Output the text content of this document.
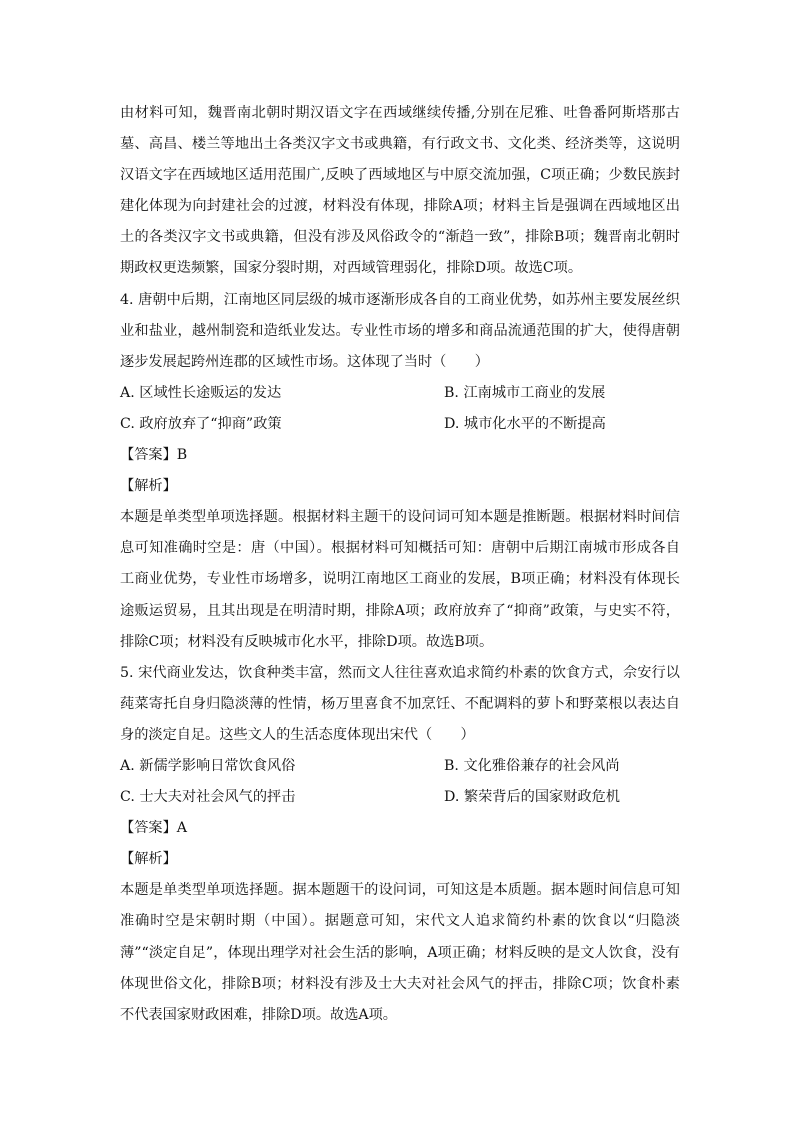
由材料可知，魏晋南北朝时期汉语文字在西域继续传播,分别在尼雅、吐鲁番阿斯塔那古墓、高昌、楼兰等地出土各类汉字文书或典籍，有行政文书、文化类、经济类等，这说明汉语文字在西域地区适用范围广,反映了西域地区与中原交流加强，C项正确；少数民族封建化体现为向封建社会的过渡，材料没有体现，排除A项；材料主旨是强调在西域地区出土的各类汉字文书或典籍，但没有涉及风俗政令的“渐趋一致”，排除B项；魏晋南北朝时期政权更迭频繁，国家分裂时期，对西域管理弱化，排除D项。故选C项。

4. 唐朝中后期，江南地区同层级的城市逐渐形成各自的工商业优势，如苏州主要发展丝织业和盐业，越州制瓷和造纸业发达。专业性市场的增多和商品流通范围的扩大，使得唐朝逐步发展起跨州连郡的区域性市场。这体现了当时（　　）

A. 区域性长途贩运的发达	B. 江南城市工商业的发展
C. 政府放弃了“抑商”政策	D. 城市化水平的不断提高

【答案】B

【解析】

本题是单类型单项选择题。根据材料主题干的设问词可知本题是推断题。根据材料时间信息可知准确时空是：唐（中国）。根据材料可知概括可知：唐朝中后期江南城市形成各自工商业优势，专业性市场增多，说明江南地区工商业的发展，B项正确；材料没有体现长途贩运贸易，且其出现是在明清时期，排除A项；政府放弃了“抑商”政策，与史实不符，排除C项；材料没有反映城市化水平，排除D项。故选B项。

5. 宋代商业发达，饮食种类丰富，然而文人往往喜欢追求简约朴素的饮食方式，佘安行以莼菜寄托自身归隐淡薄的性情，杨万里喜食不加烹饪、不配调料的萝卜和野菜根以表达自身的淡定自足。这些文人的生活态度体现出宋代（　　）

A. 新儒学影响日常饮食风俗	B. 文化雅俗兼存的社会风尚
C. 士大夫对社会风气的抨击	D. 繁荣背后的国家财政危机

【答案】A

【解析】

本题是单类型单项选择题。据本题题干的设问词，可知这是本质题。据本题时间信息可知准确时空是宋朝时期（中国）。据题意可知，宋代文人追求简约朴素的饮食以“归隐淡薄”“淡定自足”，体现出理学对社会生活的影响，A项正确；材料反映的是文人饮食，没有体现世俗文化，排除B项；材料没有涉及士大夫对社会风气的抨击，排除C项；饮食朴素不代表国家财政困难，排除D项。故选A项。
